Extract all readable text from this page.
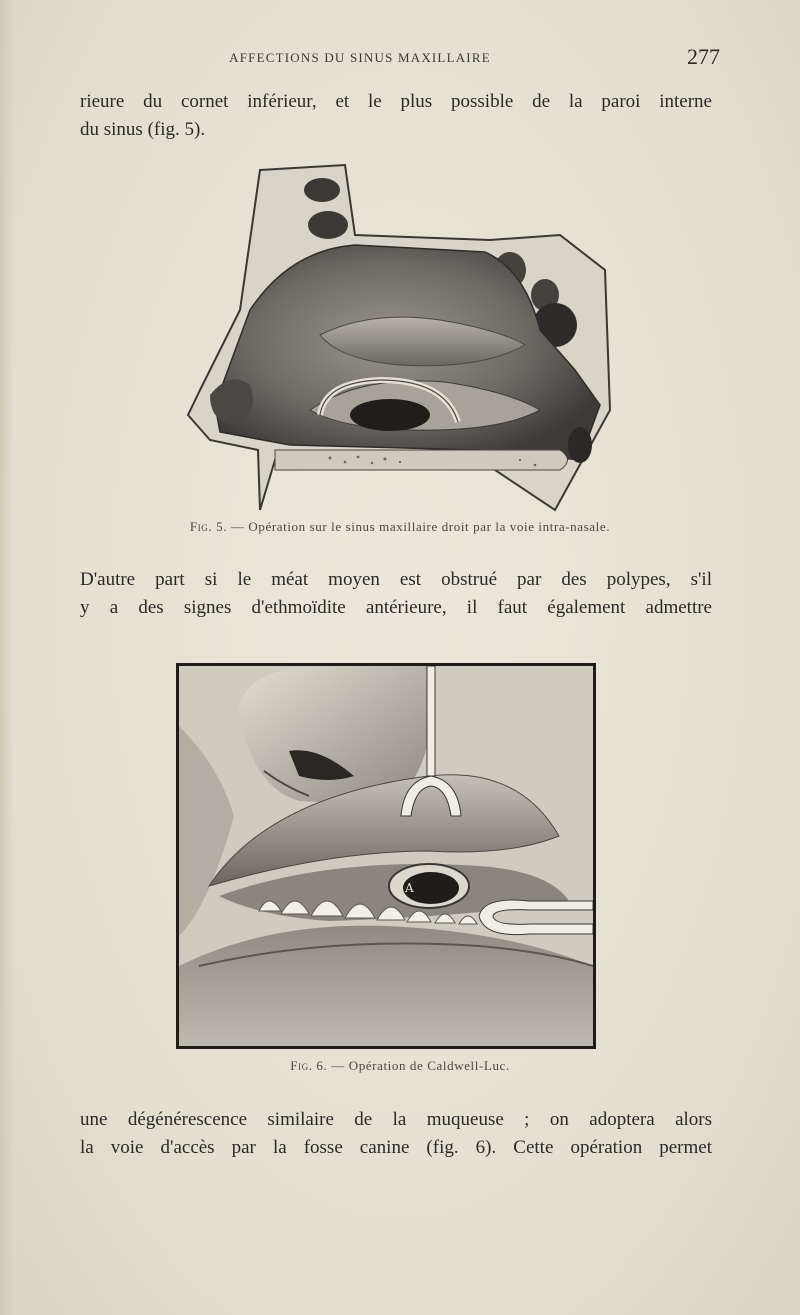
AFFECTIONS DU SINUS MAXILLAIRE	277
rieure du cornet inférieur, et le plus possible de la paroi interne
du sinus (fig. 5).
Fig. 5. — Opération sur le sinus maxillaire droit par la voie intra-nasale.
D'autre part si le méat moyen est obstrué par des polypes, s'il
y a des signes d'ethmoïdite antérieure, il faut également admettre
A
Fig. 6. — Opération de Caldwell-Luc.
une dégénérescence similaire de la muqueuse ; on adoptera alors
la voie d'accès par la fosse canine (fig. 6). Cette opération permet
